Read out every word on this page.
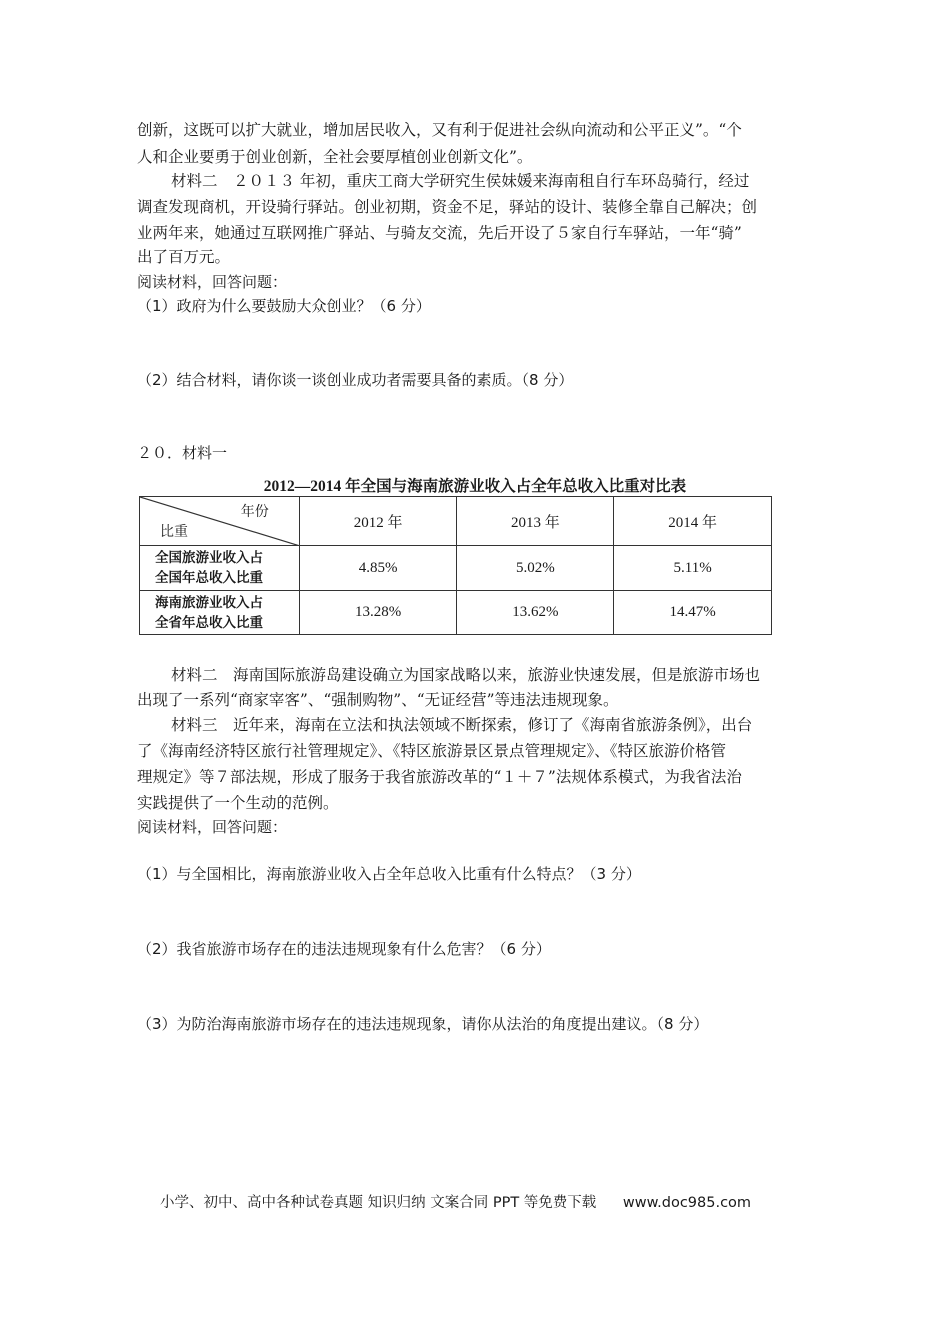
创新，这既可以扩大就业，增加居民收入，又有利于促进社会纵向流动和公平正义”。“个
人和企业要勇于创业创新，全社会要厚植创业创新文化”。
材料二　２０１３ 年初，重庆工商大学研究生侯妹媛来海南租自行车环岛骑行，经过
调查发现商机，开设骑行驿站。创业初期，资金不足，驿站的设计、装修全靠自己解决；创
业两年来，她通过互联网推广驿站、与骑友交流，先后开设了５家自行车驿站，一年“骑”
出了百万元。
阅读材料，回答问题：
（1）政府为什么要鼓励大众创业？（6 分）
（2）结合材料，请你谈一谈创业成功者需要具备的素质。（8 分）
２０．材料一
2012—2014 年全国与海南旅游业收入占全年总收入比重对比表
年份
比重	2012 年	2013 年	2014 年

全国旅游业收入占
全国年总收入比重	4.85%	5.02%	5.11%

海南旅游业收入占
全省年总收入比重	13.28%	13.62%	14.47%
材料二　海南国际旅游岛建设确立为国家战略以来，旅游业快速发展，但是旅游市场也
出现了一系列“商家宰客”、“强制购物”、“无证经营”等违法违规现象。
材料三　近年来，海南在立法和执法领域不断探索，修订了《海南省旅游条例》，出台
了《海南经济特区旅行社管理规定》、《特区旅游景区景点管理规定》、《特区旅游价格管
理规定》等７部法规，形成了服务于我省旅游改革的“１＋７”法规体系模式，为我省法治
实践提供了一个生动的范例。
阅读材料，回答问题：
（1）与全国相比，海南旅游业收入占全年总收入比重有什么特点？（3 分）
（2）我省旅游市场存在的违法违规现象有什么危害？（6 分）
（3）为防治海南旅游市场存在的违法违规现象，请你从法治的角度提出建议。（8 分）
小学、初中、高中各种试卷真题 知识归纳 文案合同 PPT 等免费下载 www.doc985.com
